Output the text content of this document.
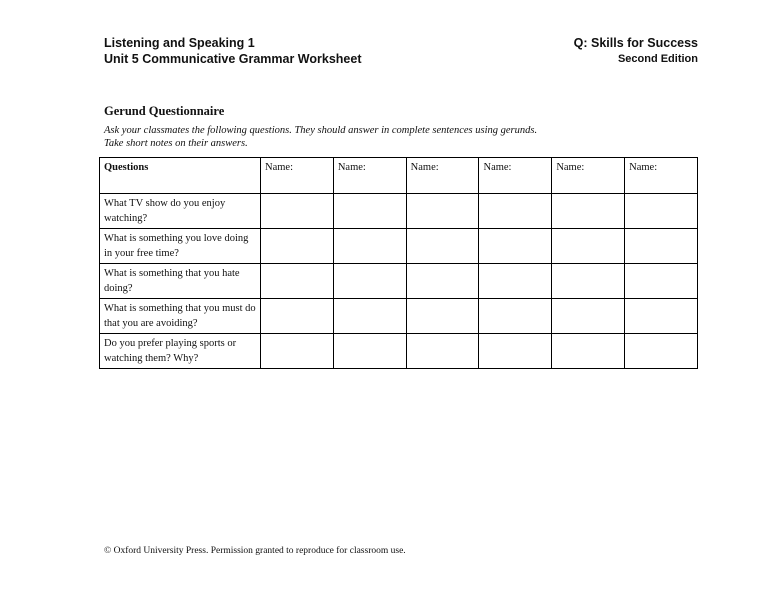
Listening and Speaking 1
Unit 5 Communicative Grammar Worksheet
Q: Skills for Success
Second Edition
Gerund Questionnaire
Ask your classmates the following questions. They should answer in complete sentences using gerunds.
Take short notes on their answers.
Questions	Name:	Name:	Name:	Name:	Name:	Name:
What TV show do you enjoy watching?						
What is something you love doing in your free time?						
What is something that you hate doing?						
What is something that you must do that you are avoiding?						
Do you prefer playing sports or watching them? Why?						
© Oxford University Press. Permission granted to reproduce for classroom use.
